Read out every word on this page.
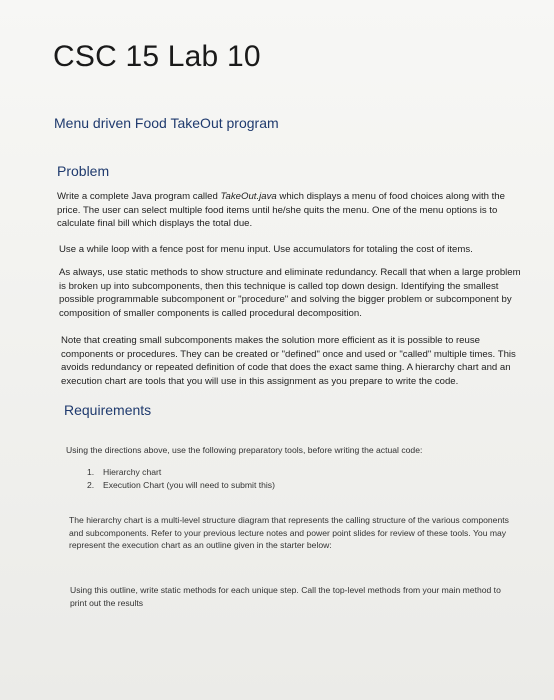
CSC 15 Lab 10
Menu driven Food TakeOut program
Problem
Write a complete Java program called TakeOut.java which displays a menu of food choices along with the price. The user can select multiple food items until he/she quits the menu. One of the menu options is to calculate final bill which displays the total due.
Use a while loop with a fence post for menu input. Use accumulators for totaling the cost of items.
As always, use static methods to show structure and eliminate redundancy. Recall that when a large problem is broken up into subcomponents, then this technique is called top down design. Identifying the smallest possible programmable subcomponent or "procedure" and solving the bigger problem or subcomponent by composition of smaller components is called procedural decomposition.
Note that creating small subcomponents makes the solution more efficient as it is possible to reuse components or procedures. They can be created or "defined" once and used or "called" multiple times. This avoids redundancy or repeated definition of code that does the exact same thing. A hierarchy chart and an execution chart are tools that you will use in this assignment as you prepare to write the code.
Requirements
Using the directions above, use the following preparatory tools, before writing the actual code:
1.	Hierarchy chart
2.	Execution Chart (you will need to submit this)
The hierarchy chart is a multi-level structure diagram that represents the calling structure of the various components and subcomponents. Refer to your previous lecture notes and power point slides for review of these tools. You may represent the execution chart as an outline given in the starter below:
Using this outline, write static methods for each unique step. Call the top-level methods from your main method to print out the results
